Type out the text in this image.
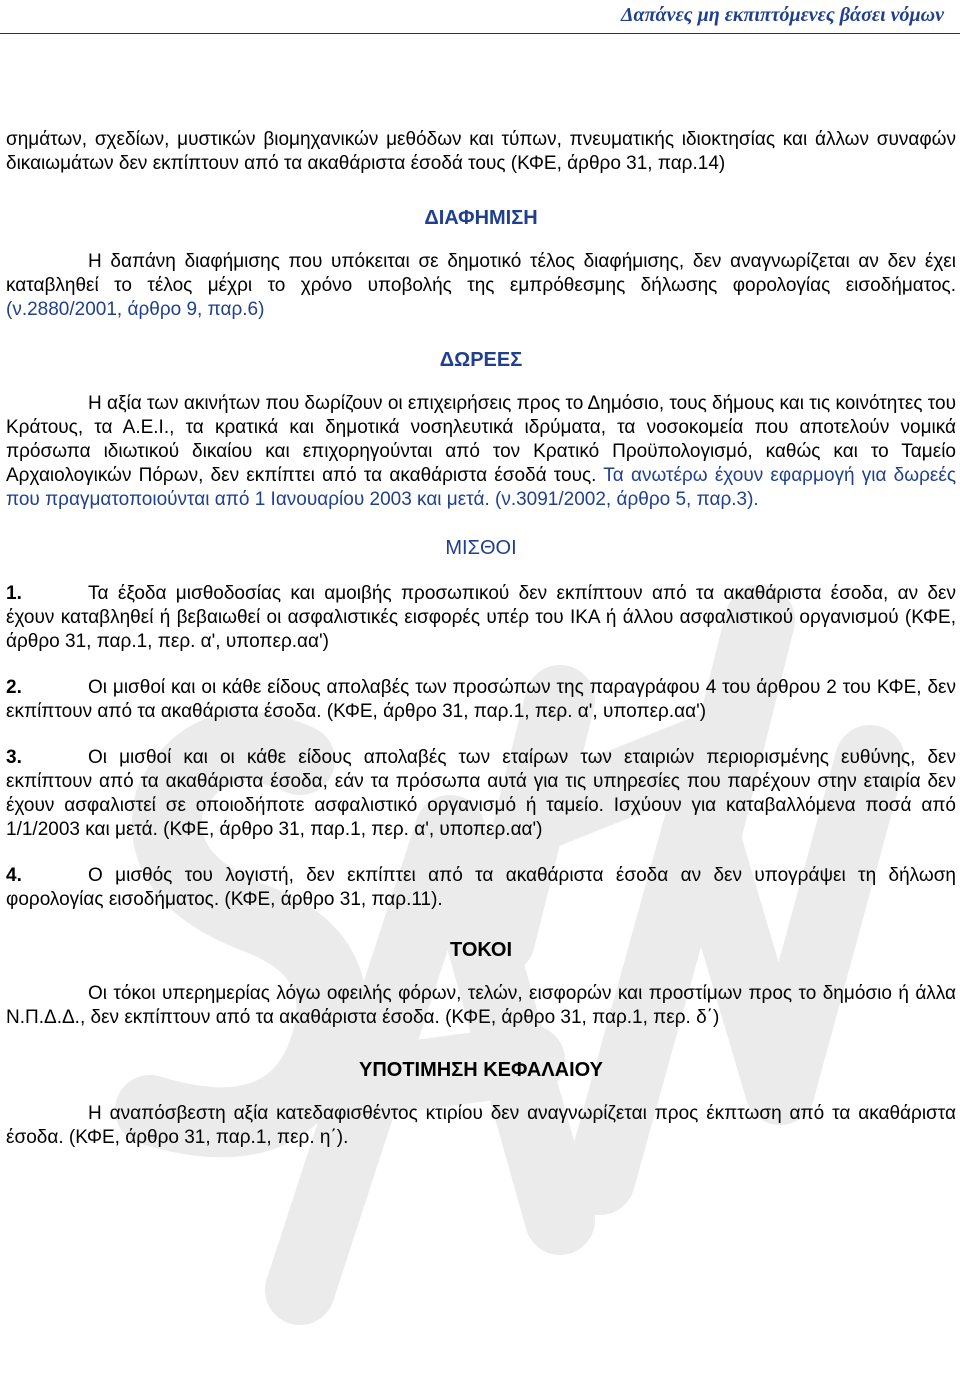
Δαπάνες μη εκπιπτόμενες βάσει νόμων

σημάτων, σχεδίων, μυστικών βιομηχανικών μεθόδων και τύπων, πνευματικής ιδιοκτησίας και άλλων συναφών δικαιωμάτων δεν εκπίπτουν από τα ακαθάριστα έσοδά τους (ΚΦΕ, άρθρο 31, παρ.14)

ΔΙΑΦΗΜΙΣΗ

Η δαπάνη διαφήμισης που υπόκειται σε δημοτικό τέλος διαφήμισης, δεν αναγνωρίζεται αν δεν έχει καταβληθεί το τέλος μέχρι το χρόνο υποβολής της εμπρόθεσμης δήλωσης φορολογίας εισοδήματος. (ν.2880/2001, άρθρο 9, παρ.6)

ΔΩΡΕΕΣ

Η αξία των ακινήτων που δωρίζουν οι επιχειρήσεις προς το Δημόσιο, τους δήμους και τις κοινότητες του Κράτους, τα Α.Ε.Ι., τα κρατικά και δημοτικά νοσηλευτικά ιδρύματα, τα νοσοκομεία που αποτελούν νομικά πρόσωπα ιδιωτικού δικαίου και επιχορηγούνται από τον Κρατικό Προϋπολογισμό, καθώς και το Ταμείο Αρχαιολογικών Πόρων, δεν εκπίπτει από τα ακαθάριστα έσοδά τους. Τα ανωτέρω έχουν εφαρμογή για δωρεές που πραγματοποιούνται από 1 Ιανουαρίου 2003 και μετά. (ν.3091/2002, άρθρο 5, παρ.3).

ΜΙΣΘΟΙ

1.	Τα έξοδα μισθοδοσίας και αμοιβής προσωπικού δεν εκπίπτουν από τα ακαθάριστα έσοδα, αν δεν έχουν καταβληθεί ή βεβαιωθεί οι ασφαλιστικές εισφορές υπέρ του ΙΚΑ ή άλλου ασφαλιστικού οργανισμού (ΚΦΕ, άρθρο 31, παρ.1, περ. α', υποπερ.αα')

2.	Οι μισθοί και οι κάθε είδους απολαβές των προσώπων της παραγράφου 4 του άρθρου 2 του ΚΦΕ, δεν εκπίπτουν από τα ακαθάριστα έσοδα. (ΚΦΕ, άρθρο 31, παρ.1, περ. α', υποπερ.αα')

3.	Οι μισθοί και οι κάθε είδους απολαβές των εταίρων των εταιριών περιορισμένης ευθύνης, δεν εκπίπτουν από τα ακαθάριστα έσοδα, εάν τα πρόσωπα αυτά για τις υπηρεσίες που παρέχουν στην εταιρία δεν έχουν ασφαλιστεί σε οποιοδήποτε ασφαλιστικό οργανισμό ή ταμείο. Ισχύουν για καταβαλλόμενα ποσά από 1/1/2003 και μετά. (ΚΦΕ, άρθρο 31, παρ.1, περ. α', υποπερ.αα')

4.	Ο μισθός του λογιστή, δεν εκπίπτει από τα ακαθάριστα έσοδα αν δεν υπογράψει τη δήλωση φορολογίας εισοδήματος. (ΚΦΕ, άρθρο 31, παρ.11).

ΤΟΚΟΙ

Οι τόκοι υπερημερίας λόγω οφειλής φόρων, τελών, εισφορών και προστίμων προς το δημόσιο ή άλλα Ν.Π.Δ.Δ., δεν εκπίπτουν από τα ακαθάριστα έσοδα. (ΚΦΕ, άρθρο 31, παρ.1, περ. δ΄)

ΥΠΟΤΙΜΗΣΗ ΚΕΦΑΛΑΙΟΥ

Η αναπόσβεστη αξία κατεδαφισθέντος κτιρίου δεν αναγνωρίζεται προς έκπτωση από τα ακαθάριστα έσοδα. (ΚΦΕ, άρθρο 31, παρ.1, περ. η΄).
